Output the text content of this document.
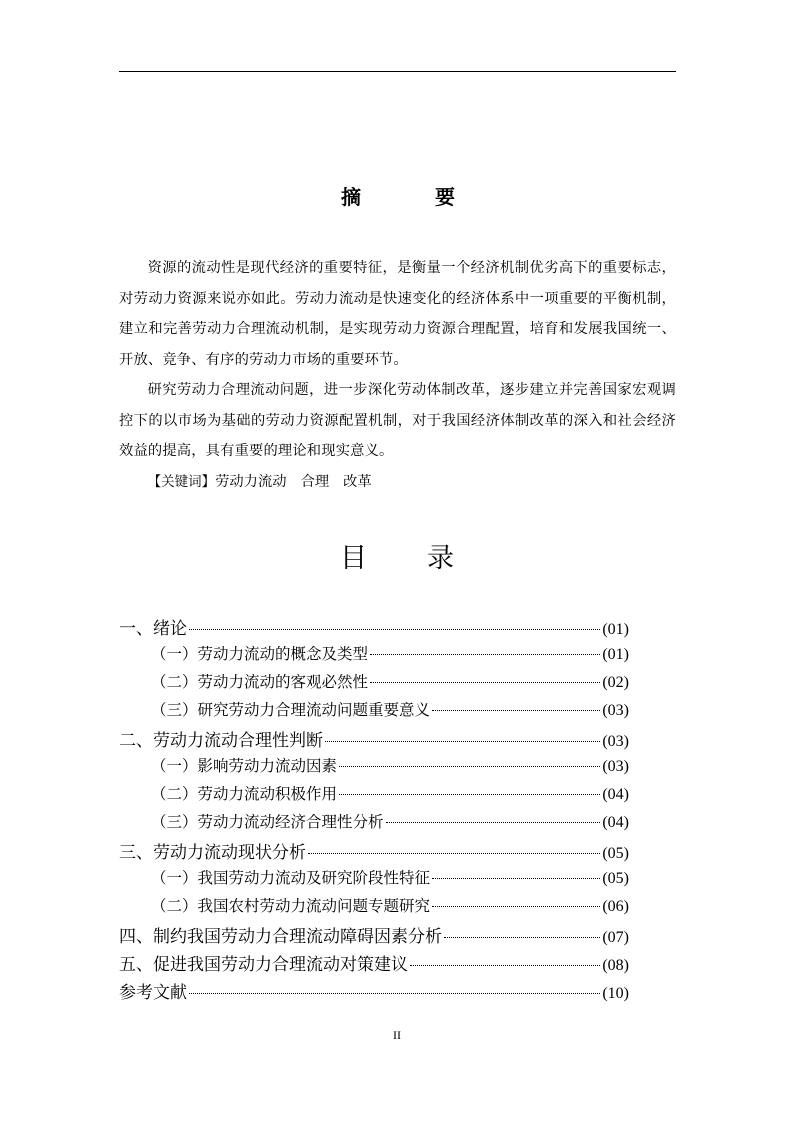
摘	要

资源的流动性是现代经济的重要特征，是衡量一个经济机制优劣高下的重要标志，对劳动力资源来说亦如此。劳动力流动是快速变化的经济体系中一项重要的平衡机制，建立和完善劳动力合理流动机制，是实现劳动力资源合理配置，培育和发展我国统一、开放、竞争、有序的劳动力市场的重要环节。

研究劳动力合理流动问题，进一步深化劳动体制改革，逐步建立并完善国家宏观调控下的以市场为基础的劳动力资源配置机制，对于我国经济体制改革的深入和社会经济效益的提高，具有重要的理论和现实意义。

【关键词】劳动力流动 合理 改革

目 录
一、绪论	(01)
（一）劳动力流动的概念及类型	(01)
（二）劳动力流动的客观必然性	(02)
（三）研究劳动力合理流动问题重要意义	(03)
二、劳动力流动合理性判断	(03)
（一）影响劳动力流动因素	(03)
（二）劳动力流动积极作用	(04)
（三）劳动力流动经济合理性分析	(04)
三、劳动力流动现状分析	(05)
（一）我国劳动力流动及研究阶段性特征	(05)
（二）我国农村劳动力流动问题专题研究	(06)
四、制约我国劳动力合理流动障碍因素分析	(07)
五、促进我国劳动力合理流动对策建议	(08)
参考文献	(10)
II
